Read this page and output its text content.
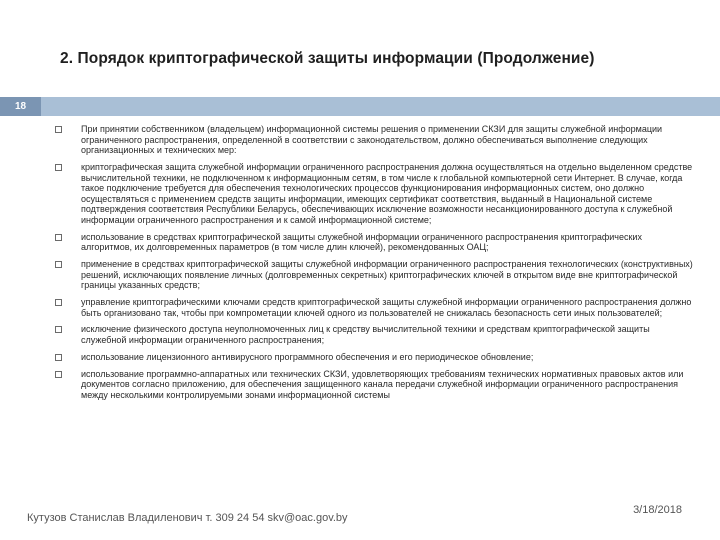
2. Порядок криптографической защиты информации (Продолжение)
18
При принятии собственником (владельцем) информационной системы решения о применении СКЗИ для защиты служебной информации ограниченного распространения, определенной в соответствии с законодательством, должно обеспечиваться выполнение следующих организационных и технических мер:
криптографическая защита служебной информации ограниченного распространения должна осуществляться на отдельно выделенном средстве вычислительной техники, не подключенном к информационным сетям, в том числе к глобальной компьютерной сети Интернет. В случае, когда такое подключение требуется для обеспечения технологических процессов функционирования информационных систем, оно должно осуществляться с применением средств защиты информации, имеющих сертификат соответствия, выданный в Национальной системе подтверждения соответствия Республики Беларусь, обеспечивающих исключение возможности несанкционированного доступа к служебной информации ограниченного распространения и к самой информационной системе;
использование в средствах криптографической защиты служебной информации ограниченного распространения криптографических алгоритмов, их долговременных параметров (в том числе длин ключей), рекомендованных ОАЦ;
применение в средствах криптографической защиты служебной информации ограниченного распространения технологических (конструктивных) решений, исключающих появление личных (долговременных секретных) криптографических ключей в открытом виде вне криптографической границы указанных средств;
управление криптографическими ключами средств криптографической защиты служебной информации ограниченного распространения должно быть организовано так, чтобы при компрометации ключей одного из пользователей не снижалась безопасность сети иных пользователей;
исключение физического доступа неуполномоченных лиц к средству вычислительной техники и средствам криптографической защиты служебной информации ограниченного распространения;
использование лицензионного антивирусного программного обеспечения и его периодическое обновление;
использование программно-аппаратных или технических СКЗИ, удовлетворяющих требованиям технических нормативных правовых актов или документов согласно приложению, для обеспечения защищенного канала передачи служебной информации ограниченного распространения между несколькими контролируемыми зонами информационной системы
Кутузов Станислав Владиленович т. 309 24 54 skv@oac.gov.by
3/18/2018
